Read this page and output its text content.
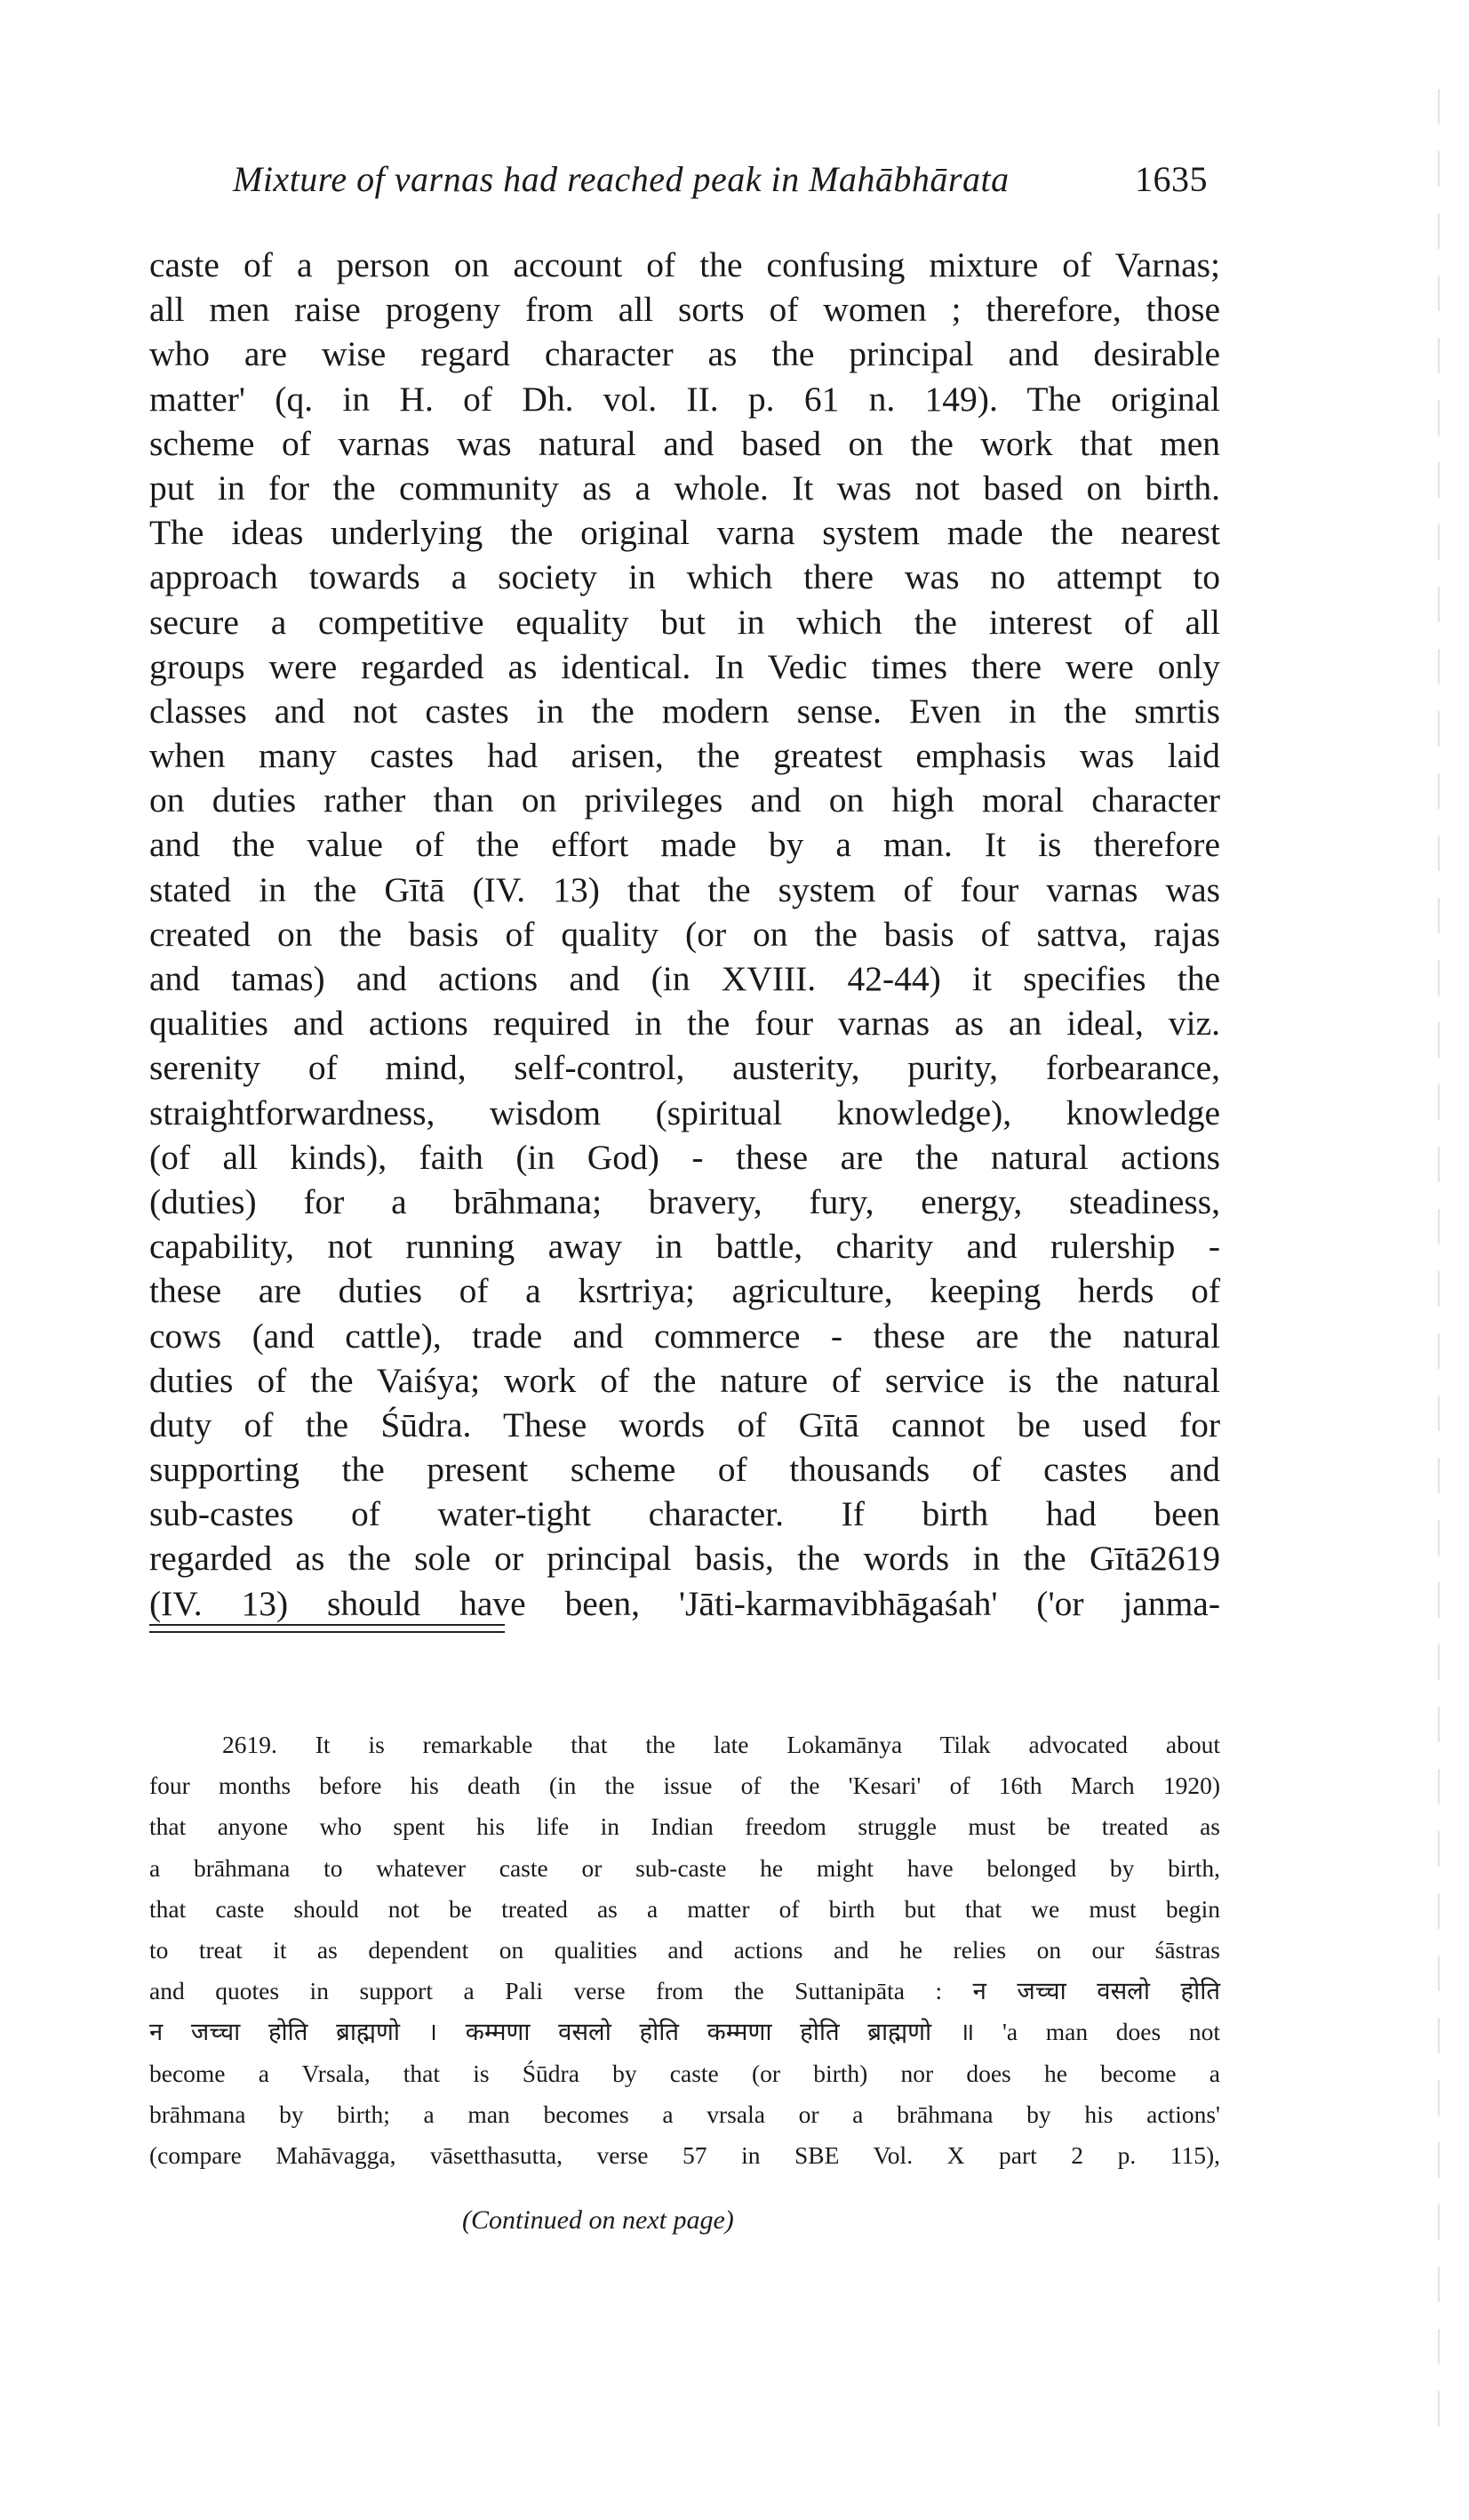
Mixture of varnas had reached peak in Mahābhārata	1635
caste of a person on account of the confusing mixture of Varnas;
all men raise progeny from all sorts of women ; therefore, those
who are wise regard character as the principal and desirable
matter' (q. in H. of Dh. vol. II. p. 61 n. 149). The original
scheme of varnas was natural and based on the work that men
put in for the community as a whole. It was not based on birth.
The ideas underlying the original varna system made the nearest
approach towards a society in which there was no attempt to
secure a competitive equality but in which the interest of all
groups were regarded as identical. In Vedic times there were only
classes and not castes in the modern sense. Even in the smrtis
when many castes had arisen, the greatest emphasis was laid
on duties rather than on privileges and on high moral character
and the value of the effort made by a man. It is therefore
stated in the Gītā (IV. 13) that the system of four varnas was
created on the basis of quality (or on the basis of sattva, rajas
and tamas) and actions and (in XVIII. 42-44) it specifies the
qualities and actions required in the four varnas as an ideal, viz.
serenity of mind, self-control, austerity, purity, forbearance,
straightforwardness, wisdom (spiritual knowledge), knowledge
(of all kinds), faith (in God) - these are the natural actions
(duties) for a brāhmana; bravery, fury, energy, steadiness,
capability, not running away in battle, charity and rulership -
these are duties of a ksrtriya; agriculture, keeping herds of
cows (and cattle), trade and commerce - these are the natural
duties of the Vaiśya; work of the nature of service is the natural
duty of the Śūdra. These words of Gītā cannot be used for
supporting the present scheme of thousands of castes and
sub-castes of water-tight character. If birth had been
regarded as the sole or principal basis, the words in the Gītā2619
(IV. 13) should have been, 'Jāti-karmavibhāgaśah' ('or janma-
2619. It is remarkable that the late Lokamānya Tilak advocated about
four months before his death (in the issue of the 'Kesari' of 16th March 1920)
that anyone who spent his life in Indian freedom struggle must be treated as
a brāhmana to whatever caste or sub-caste he might have belonged by birth,
that caste should not be treated as a matter of birth but that we must begin
to treat it as dependent on qualities and actions and he relies on our śāstras
and quotes in support a Pali verse from the Suttanipāta : न जच्चा वसलो होति
न जच्चा होति ब्राह्मणो । कम्मणा वसलो होति कम्मणा होति ब्राह्मणो ॥ 'a man does not
become a Vrsala, that is Śūdra by caste (or birth) nor does he become a
brāhmana by birth; a man becomes a vrsala or a brāhmana by his actions'
(compare Mahāvagga, vāsetthasutta, verse 57 in SBE Vol. X part 2 p. 115),
(Continued on next page)
